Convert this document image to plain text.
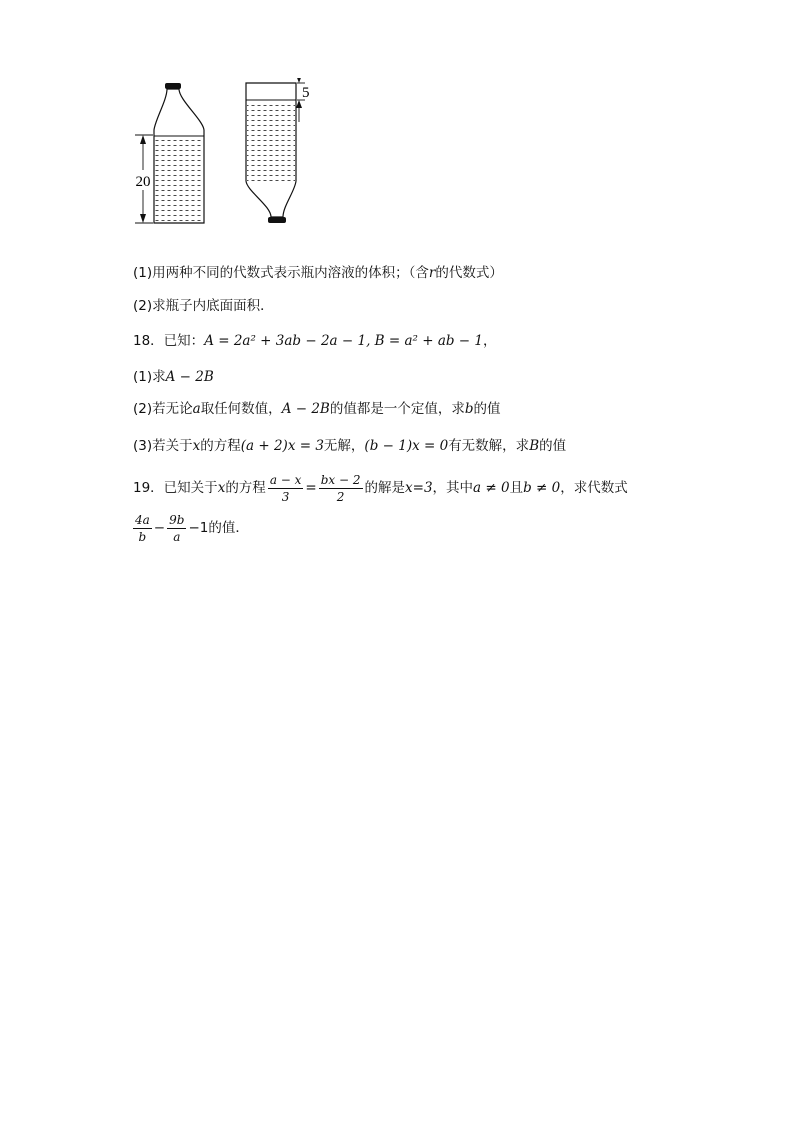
20
5
(1)用两种不同的代数式表示瓶内溶液的体积；（含r的代数式）
(2)求瓶子内底面面积．
18．已知：A = 2a² + 3ab − 2a − 1, B = a² + ab − 1，
(1)求A − 2B
(2)若无论a取任何数值，A − 2B的值都是一个定值，求b的值
(3)若关于x的方程(a + 2)x = 3无解，(b − 1)x = 0有无数解，求B的值
19．已知关于x的方程 $\frac{a - x}{3} = \frac{bx - 2}{2}$ 的解是x=3，其中a ≠ 0且b ≠ 0，求代数式
$\frac{4a}{b} - \frac{9b}{a} -1$的值．
